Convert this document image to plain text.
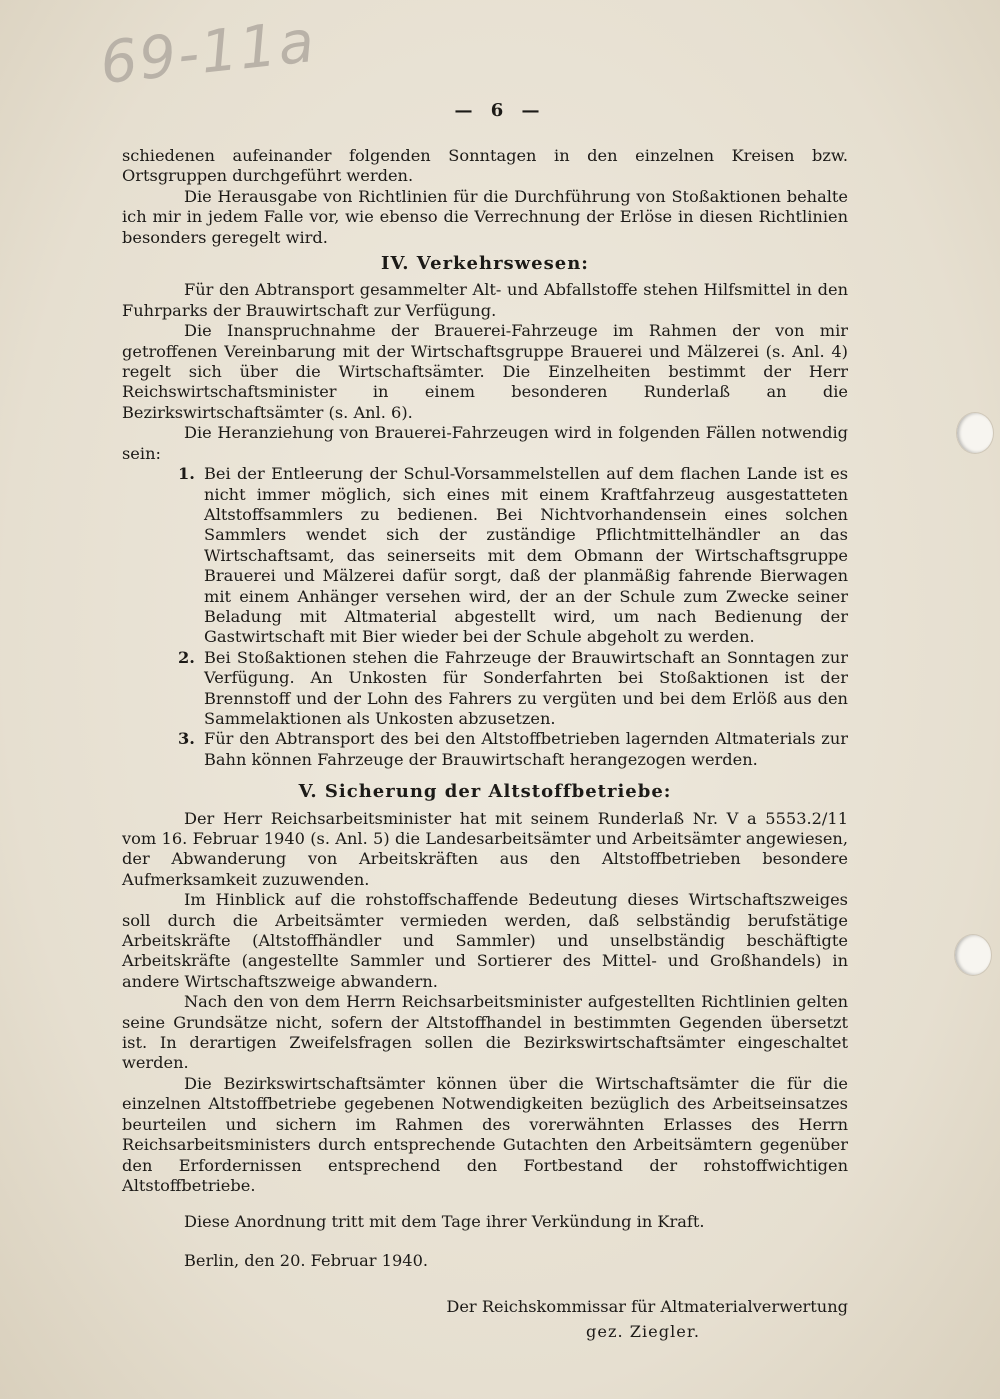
69-11a
— 6 —

schiedenen aufeinander folgenden Sonntagen in den einzelnen Kreisen bzw. Ortsgruppen durchgeführt werden.

Die Herausgabe von Richtlinien für die Durchführung von Stoßaktionen behalte ich mir in jedem Falle vor, wie ebenso die Verrechnung der Erlöse in diesen Richtlinien besonders geregelt wird.

IV. Verkehrswesen:

Für den Abtransport gesammelter Alt- und Abfallstoffe stehen Hilfsmittel in den Fuhrparks der Brauwirtschaft zur Verfügung.

Die Inanspruchnahme der Brauerei-Fahrzeuge im Rahmen der von mir getroffenen Vereinbarung mit der Wirtschaftsgruppe Brauerei und Mälzerei (s. Anl. 4) regelt sich über die Wirtschaftsämter. Die Einzelheiten bestimmt der Herr Reichswirtschaftsminister in einem besonderen Runderlaß an die Bezirkswirtschaftsämter (s. Anl. 6).

Die Heranziehung von Brauerei-Fahrzeugen wird in folgenden Fällen notwendig sein:

1. Bei der Entleerung der Schul-Vorsammelstellen auf dem flachen Lande ist es nicht immer möglich, sich eines mit einem Kraftfahrzeug ausgestatteten Altstoffsammlers zu bedienen. Bei Nichtvorhandensein eines solchen Sammlers wendet sich der zuständige Pflichtmittelhändler an das Wirtschaftsamt, das seinerseits mit dem Obmann der Wirtschaftsgruppe Brauerei und Mälzerei dafür sorgt, daß der planmäßig fahrende Bierwagen mit einem Anhänger versehen wird, der an der Schule zum Zwecke seiner Beladung mit Altmaterial abgestellt wird, um nach Bedienung der Gastwirtschaft mit Bier wieder bei der Schule abgeholt zu werden.

2. Bei Stoßaktionen stehen die Fahrzeuge der Brauwirtschaft an Sonntagen zur Verfügung. An Unkosten für Sonderfahrten bei Stoßaktionen ist der Brennstoff und der Lohn des Fahrers zu vergüten und bei dem Erlöß aus den Sammelaktionen als Unkosten abzusetzen.

3. Für den Abtransport des bei den Altstoffbetrieben lagernden Altmaterials zur Bahn können Fahrzeuge der Brauwirtschaft herangezogen werden.

V. Sicherung der Altstoffbetriebe:

Der Herr Reichsarbeitsminister hat mit seinem Runderlaß Nr. V a 5553.2/11 vom 16. Februar 1940 (s. Anl. 5) die Landesarbeitsämter und Arbeitsämter angewiesen, der Abwanderung von Arbeitskräften aus den Altstoffbetrieben besondere Aufmerksamkeit zuzuwenden.

Im Hinblick auf die rohstoffschaffende Bedeutung dieses Wirtschaftszweiges soll durch die Arbeitsämter vermieden werden, daß selbständig berufstätige Arbeitskräfte (Altstoffhändler und Sammler) und unselbständig beschäftigte Arbeitskräfte (angestellte Sammler und Sortierer des Mittel- und Großhandels) in andere Wirtschaftszweige abwandern.

Nach den von dem Herrn Reichsarbeitsminister aufgestellten Richtlinien gelten seine Grundsätze nicht, sofern der Altstoffhandel in bestimmten Gegenden übersetzt ist. In derartigen Zweifelsfragen sollen die Bezirkswirtschaftsämter eingeschaltet werden.

Die Bezirkswirtschaftsämter können über die Wirtschaftsämter die für die einzelnen Altstoffbetriebe gegebenen Notwendigkeiten bezüglich des Arbeitseinsatzes beurteilen und sichern im Rahmen des vorerwähnten Erlasses des Herrn Reichsarbeitsministers durch entsprechende Gutachten den Arbeitsämtern gegenüber den Erfordernissen entsprechend den Fortbestand der rohstoffwichtigen Altstoffbetriebe.

Diese Anordnung tritt mit dem Tage ihrer Verkündung in Kraft.

Berlin, den 20. Februar 1940.

Der Reichskommissar für Altmaterialverwertung

gez. Ziegler.
